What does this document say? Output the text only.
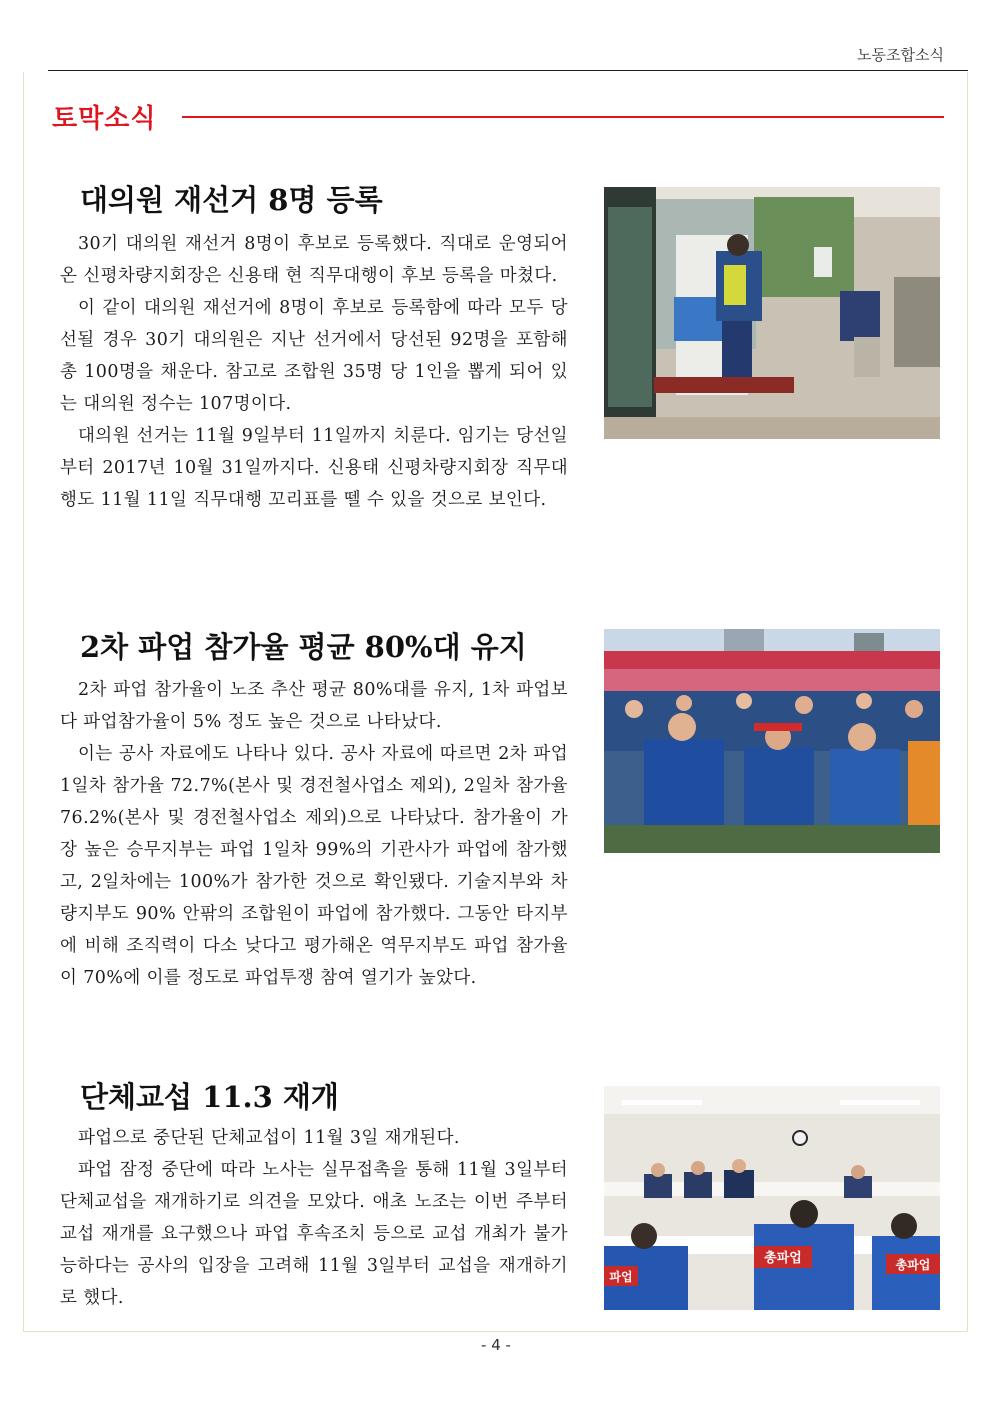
노동조합소식
토막소식
대의원 재선거 8명 등록

30기 대의원 재선거 8명이 후보로 등록했다. 직대로 운영되어온 신평차량지회장은 신용태 현 직무대행이 후보 등록을 마쳤다.

이 같이 대의원 재선거에 8명이 후보로 등록함에 따라 모두 당선될 경우 30기 대의원은 지난 선거에서 당선된 92명을 포함해 총 100명을 채운다. 참고로 조합원 35명 당 1인을 뽑게 되어 있는 대의원 정수는 107명이다.

대의원 선거는 11월 9일부터 11일까지 치룬다. 임기는 당선일부터 2017년 10월 31일까지다. 신용태 신평차량지회장 직무대행도 11월 11일 직무대행 꼬리표를 뗄 수 있을 것으로 보인다.

2차 파업 참가율 평균 80%대 유지

2차 파업 참가율이 노조 추산 평균 80%대를 유지, 1차 파업보다 파업참가율이 5% 정도 높은 것으로 나타났다.

이는 공사 자료에도 나타나 있다. 공사 자료에 따르면 2차 파업 1일차 참가율 72.7%(본사 및 경전철사업소 제외), 2일차 참가율 76.2%(본사 및 경전철사업소 제외)으로 나타났다. 참가율이 가장 높은 승무지부는 파업 1일차 99%의 기관사가 파업에 참가했고, 2일차에는 100%가 참가한 것으로 확인됐다. 기술지부와 차량지부도 90% 안팎의 조합원이 파업에 참가했다. 그동안 타지부에 비해 조직력이 다소 낮다고 평가해온 역무지부도 파업 참가율이 70%에 이를 정도로 파업투쟁 참여 열기가 높았다.

단체교섭 11.3 재개

파업으로 중단된 단체교섭이 11월 3일 재개된다.

파업 잠정 중단에 따라 노사는 실무접촉을 통해 11월 3일부터 단체교섭을 재개하기로 의견을 모았다. 애초 노조는 이번 주부터 교섭 재개를 요구했으나 파업 후속조치 등으로 교섭 개최가 불가능하다는 공사의 입장을 고려해 11월 3일부터 교섭을 재개하기로 했다.

파업
총파업	총파업
- 4 -
